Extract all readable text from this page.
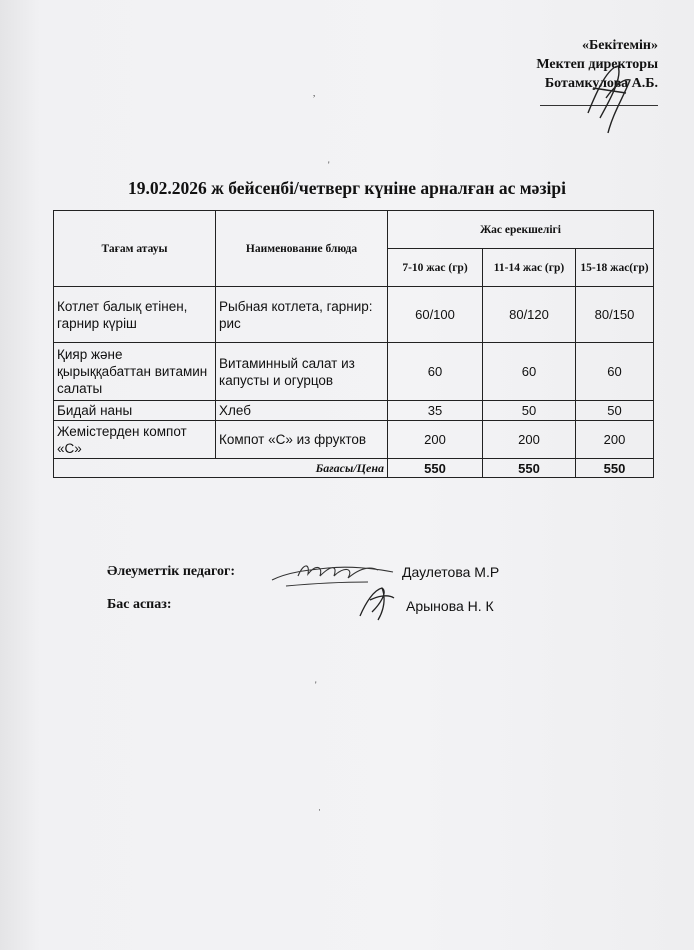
«Бекітемін»
Мектеп директоры
Ботамкулова А.Б.
,
'
19.02.2026 ж бейсенбі/четверг күніне арналған ас мәзірі
Тағам атауы	Наименование блюда	Жас ерекшелігі		
		7-10 жас (гр)	11-14 жас (гр)	15-18 жас(гр)
Котлет балық етінен, гарнир күріш	Рыбная котлета, гарнир: рис	60/100	80/120	80/150
Қияр және қырыққабаттан витамин салаты	Витаминный салат из капусты и огурцов	60	60	60
Бидай наны	Хлеб	35	50	50
Жемістерден компот «С»	Компот «С» из фруктов	200	200	200
Бағасы/Цена		550	550	550
Әлеуметтік педагог:	Даулетова М.Р
Бас аспаз:	Арынова Н. К
'
·
